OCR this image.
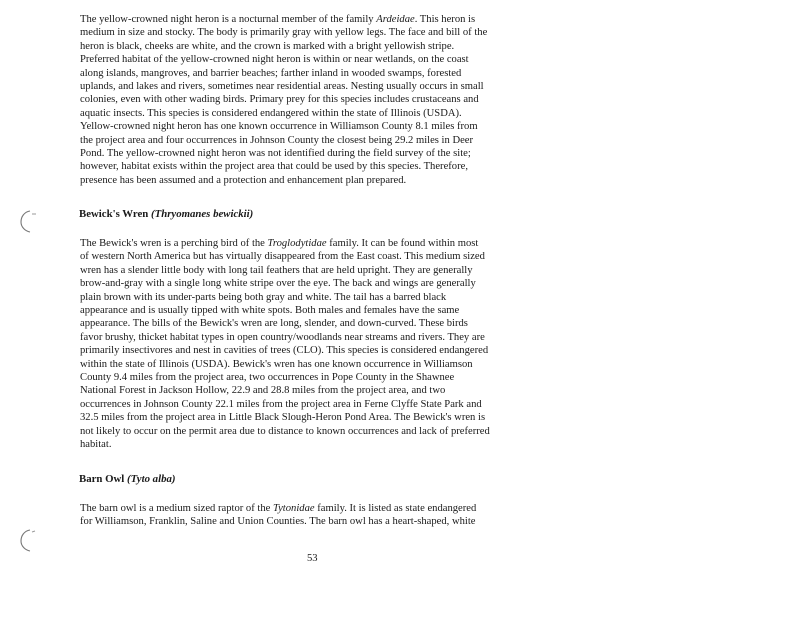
The yellow-crowned night heron is a nocturnal member of the family Ardeidae. This heron is
medium in size and stocky. The body is primarily gray with yellow legs. The face and bill of the
heron is black, cheeks are white, and the crown is marked with a bright yellowish stripe.
Preferred habitat of the yellow-crowned night heron is within or near wetlands, on the coast
along islands, mangroves, and barrier beaches; farther inland in wooded swamps, forested
uplands, and lakes and rivers, sometimes near residential areas. Nesting usually occurs in small
colonies, even with other wading birds. Primary prey for this species includes crustaceans and
aquatic insects. This species is considered endangered within the state of Illinois (USDA).
Yellow-crowned night heron has one known occurrence in Williamson County 8.1 miles from
the project area and four occurrences in Johnson County the closest being 29.2 miles in Deer
Pond. The yellow-crowned night heron was not identified during the field survey of the site;
however, habitat exists within the project area that could be used by this species. Therefore,
presence has been assumed and a protection and enhancement plan prepared.
Bewick's Wren (Thryomanes bewickii)
The Bewick's wren is a perching bird of the Troglodytidae family. It can be found within most
of western North America but has virtually disappeared from the East coast. This medium sized
wren has a slender little body with long tail feathers that are held upright. They are generally
brow-and-gray with a single long white stripe over the eye. The back and wings are generally
plain brown with its under-parts being both gray and white. The tail has a barred black
appearance and is usually tipped with white spots. Both males and females have the same
appearance. The bills of the Bewick's wren are long, slender, and down-curved. These birds
favor brushy, thicket habitat types in open country/woodlands near streams and rivers. They are
primarily insectivores and nest in cavities of trees (CLO). This species is considered endangered
within the state of Illinois (USDA). Bewick's wren has one known occurrence in Williamson
County 9.4 miles from the project area, two occurrences in Pope County in the Shawnee
National Forest in Jackson Hollow, 22.9 and 28.8 miles from the project area, and two
occurrences in Johnson County 22.1 miles from the project area in Ferne Clyffe State Park and
32.5 miles from the project area in Little Black Slough-Heron Pond Area. The Bewick's wren is
not likely to occur on the permit area due to distance to known occurrences and lack of preferred
habitat.
Barn Owl (Tyto alba)
The barn owl is a medium sized raptor of the Tytonidae family. It is listed as state endangered
for Williamson, Franklin, Saline and Union Counties. The barn owl has a heart-shaped, white
53
